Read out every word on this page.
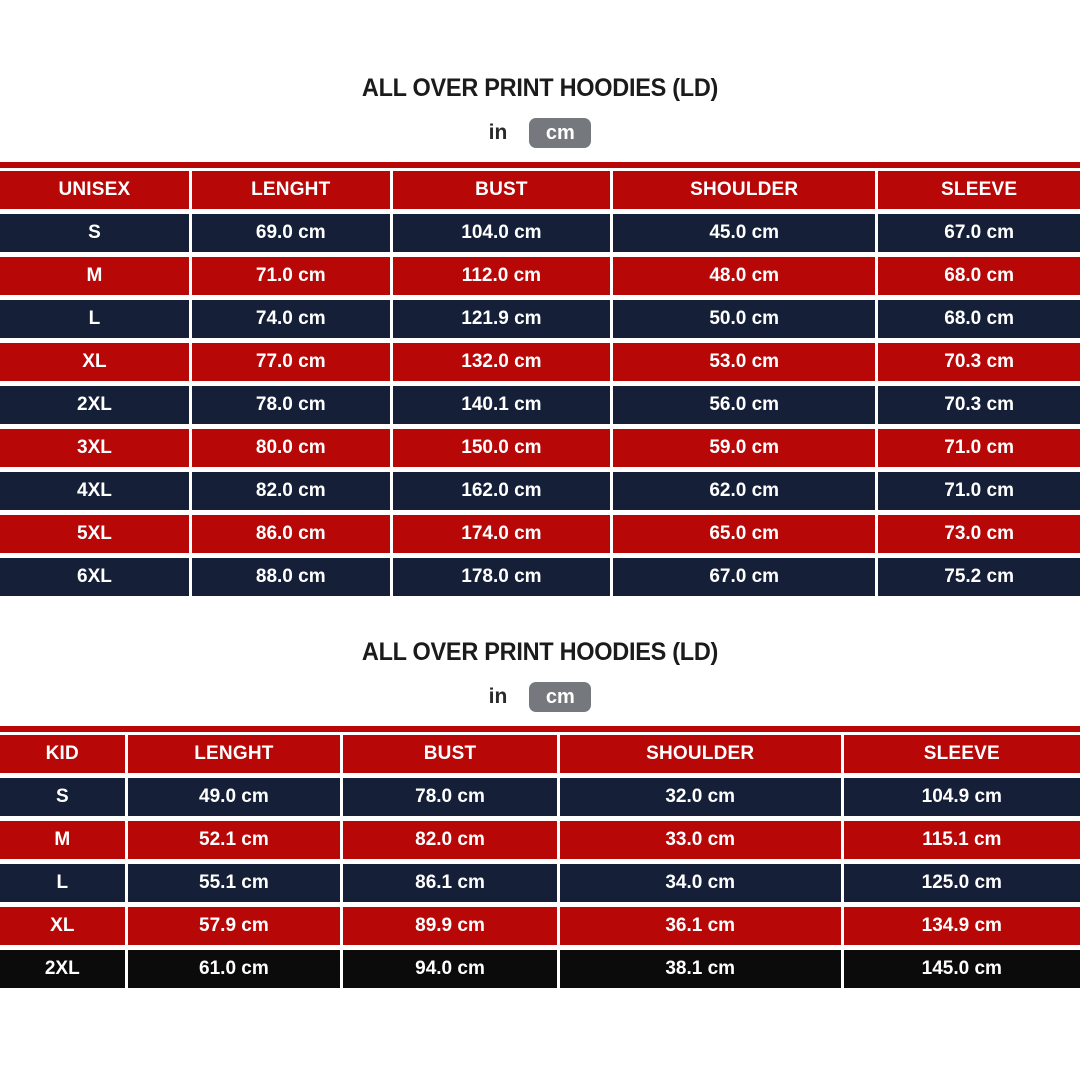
ALL OVER PRINT HOODIES (LD)
in	cm
UNISEX	LENGHT	BUST	SHOULDER	SLEEVE
S	69.0 cm	104.0 cm	45.0 cm	67.0 cm
M	71.0 cm	112.0 cm	48.0 cm	68.0 cm
L	74.0 cm	121.9 cm	50.0 cm	68.0 cm
XL	77.0 cm	132.0 cm	53.0 cm	70.3 cm
2XL	78.0 cm	140.1 cm	56.0 cm	70.3 cm
3XL	80.0 cm	150.0 cm	59.0 cm	71.0 cm
4XL	82.0 cm	162.0 cm	62.0 cm	71.0 cm
5XL	86.0 cm	174.0 cm	65.0 cm	73.0 cm
6XL	88.0 cm	178.0 cm	67.0 cm	75.2 cm
ALL OVER PRINT HOODIES (LD)
in	cm
KID	LENGHT	BUST	SHOULDER	SLEEVE
S	49.0 cm	78.0 cm	32.0 cm	104.9 cm
M	52.1 cm	82.0 cm	33.0 cm	115.1 cm
L	55.1 cm	86.1 cm	34.0 cm	125.0 cm
XL	57.9 cm	89.9 cm	36.1 cm	134.9 cm
2XL	61.0 cm	94.0 cm	38.1 cm	145.0 cm
